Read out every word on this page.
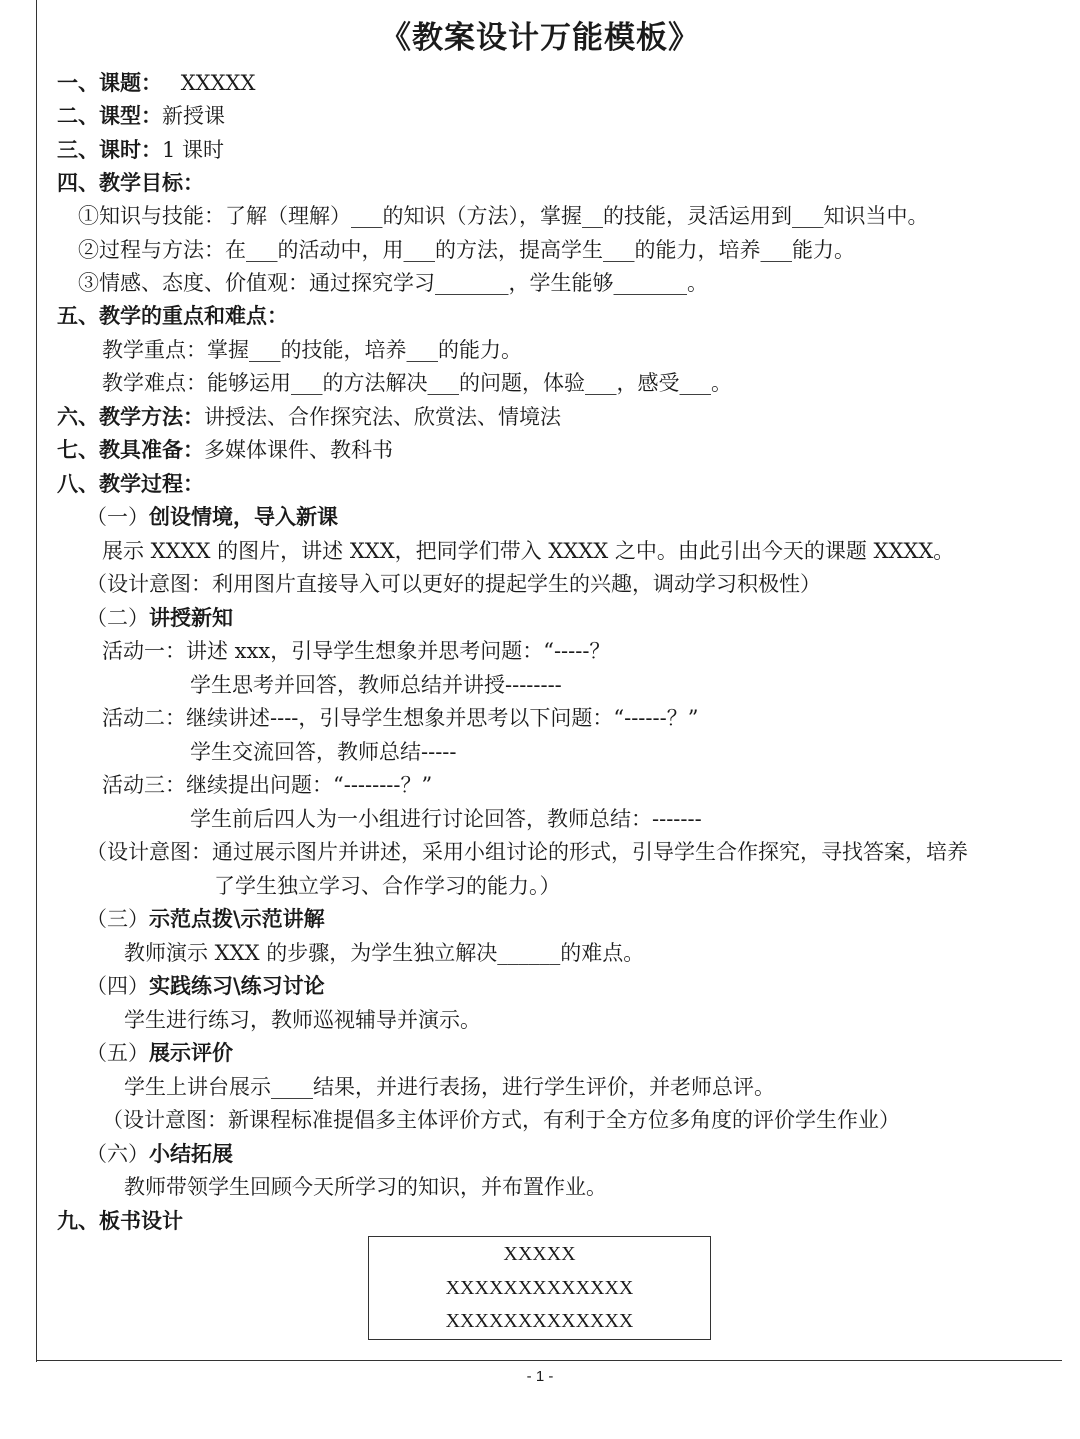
《教案设计万能模板》
一、课题： XXXXX
二、课型：新授课
三、课时：1 课时
四、教学目标：
①知识与技能：了解（理解）___的知识（方法），掌握__的技能，灵活运用到___知识当中。
②过程与方法：在___的活动中，用___的方法，提高学生___的能力，培养___能力。
③情感、态度、价值观：通过探究学习_______，学生能够_______。
五、教学的重点和难点：
教学重点：掌握___的技能，培养___的能力。
教学难点：能够运用___的方法解决___的问题，体验___，感受___。
六、教学方法：讲授法、合作探究法、欣赏法、情境法
七、教具准备：多媒体课件、教科书
八、教学过程：
（一）创设情境，导入新课
展示 XXXX 的图片，讲述 XXX，把同学们带入 XXXX 之中。由此引出今天的课题 XXXX。
（设计意图：利用图片直接导入可以更好的提起学生的兴趣，调动学习积极性）
（二）讲授新知
活动一：讲述 xxx，引导学生想象并思考问题：“-----？
学生思考并回答，教师总结并讲授--------
活动二：继续讲述----，引导学生想象并思考以下问题：“------？”
学生交流回答，教师总结-----
活动三：继续提出问题：“--------？”
学生前后四人为一小组进行讨论回答，教师总结：-------
（设计意图：通过展示图片并讲述，采用小组讨论的形式，引导学生合作探究，寻找答案，培养
了学生独立学习、合作学习的能力。）
（三）示范点拨\示范讲解
教师演示 XXX 的步骤，为学生独立解决______的难点。
（四）实践练习\练习讨论
学生进行练习，教师巡视辅导并演示。
（五）展示评价
学生上讲台展示____结果，并进行表扬，进行学生评价，并老师总评。
（设计意图：新课程标准提倡多主体评价方式，有利于全方位多角度的评价学生作业）
（六）小结拓展
教师带领学生回顾今天所学习的知识，并布置作业。
九、板书设计
XXXXX
XXXXXXXXXXXXX
XXXXXXXXXXXXX
- 1 -
